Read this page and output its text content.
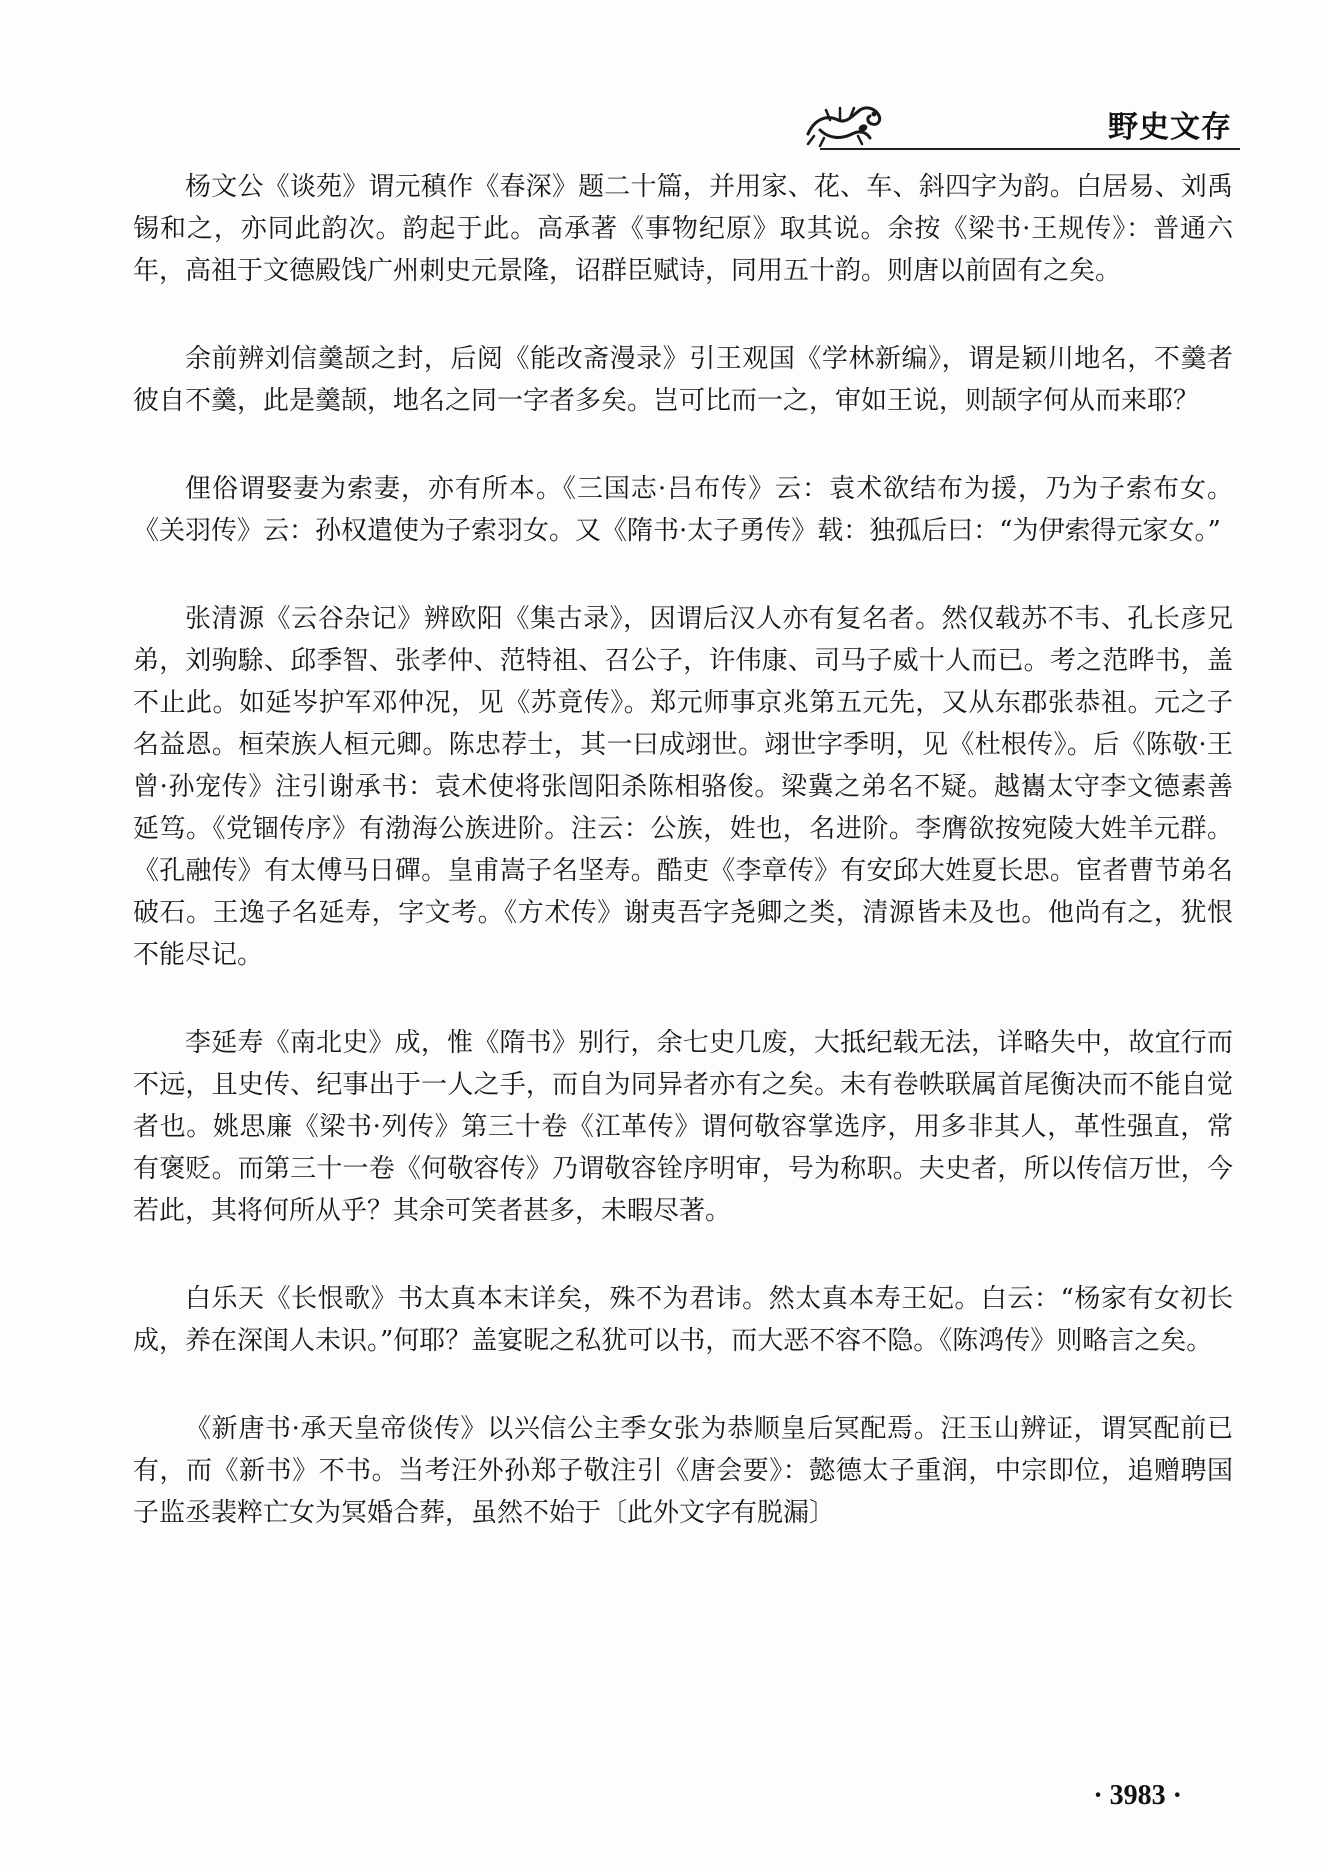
野史文存

杨文公《谈苑》谓元稹作《春深》题二十篇，并用家、花、车、斜四字为韵。白居易、刘禹锡和之，亦同此韵次。韵起于此。高承著《事物纪原》取其说。余按《梁书·王规传》：普通六年，高祖于文德殿饯广州刺史元景隆，诏群臣赋诗，同用五十韵。则唐以前固有之矣。

余前辨刘信羹颉之封，后阅《能改斋漫录》引王观国《学林新编》，谓是颖川地名，不羹者彼自不羹，此是羹颉，地名之同一字者多矣。岂可比而一之，审如王说，则颉字何从而来耶？

俚俗谓娶妻为索妻，亦有所本。《三国志·吕布传》云：袁术欲结布为援，乃为子索布女。《关羽传》云：孙权遣使为子索羽女。又《隋书·太子勇传》载：独孤后曰：“为伊索得元家女。”

张清源《云谷杂记》辨欧阳《集古录》，因谓后汉人亦有复名者。然仅载苏不韦、孔长彦兄弟，刘驹駼、邱季智、张孝仲、范特祖、召公子，许伟康、司马子威十人而已。考之范晔书，盖不止此。如延岑护军邓仲况，见《苏竟传》。郑元师事京兆第五元先，又从东郡张恭祖。元之子名益恩。桓荣族人桓元卿。陈忠荐士，其一曰成翊世。翊世字季明，见《杜根传》。后《陈敬·王曾·孙宠传》注引谢承书：袁术使将张闿阳杀陈相骆俊。梁冀之弟名不疑。越巂太守李文德素善延笃。《党锢传序》有渤海公族进阶。注云：公族，姓也，名进阶。李膺欲按宛陵大姓羊元群。《孔融传》有太傅马日磾。皇甫嵩子名坚寿。酷吏《李章传》有安邱大姓夏长思。宦者曹节弟名破石。王逸子名延寿，字文考。《方术传》谢夷吾字尧卿之类，清源皆未及也。他尚有之，犹恨不能尽记。

李延寿《南北史》成，惟《隋书》别行，余七史几废，大抵纪载无法，详略失中，故宜行而不远，且史传、纪事出于一人之手，而自为同异者亦有之矣。未有卷帙联属首尾衡决而不能自觉者也。姚思廉《梁书·列传》第三十卷《江革传》谓何敬容掌选序，用多非其人，革性强直，常有褒贬。而第三十一卷《何敬容传》乃谓敬容铨序明审，号为称职。夫史者，所以传信万世，今若此，其将何所从乎？其余可笑者甚多，未暇尽著。

白乐天《长恨歌》书太真本末详矣，殊不为君讳。然太真本寿王妃。白云：“杨家有女初长成，养在深闺人未识。”何耶？盖宴昵之私犹可以书，而大恶不容不隐。《陈鸿传》则略言之矣。

《新唐书·承天皇帝倓传》以兴信公主季女张为恭顺皇后冥配焉。汪玉山辨证，谓冥配前已有，而《新书》不书。当考汪外孙郑子敬注引《唐会要》：懿德太子重润，中宗即位，追赠聘国子监丞裴粹亡女为冥婚合葬，虽然不始于〔此外文字有脱漏〕

· 3983 ·
